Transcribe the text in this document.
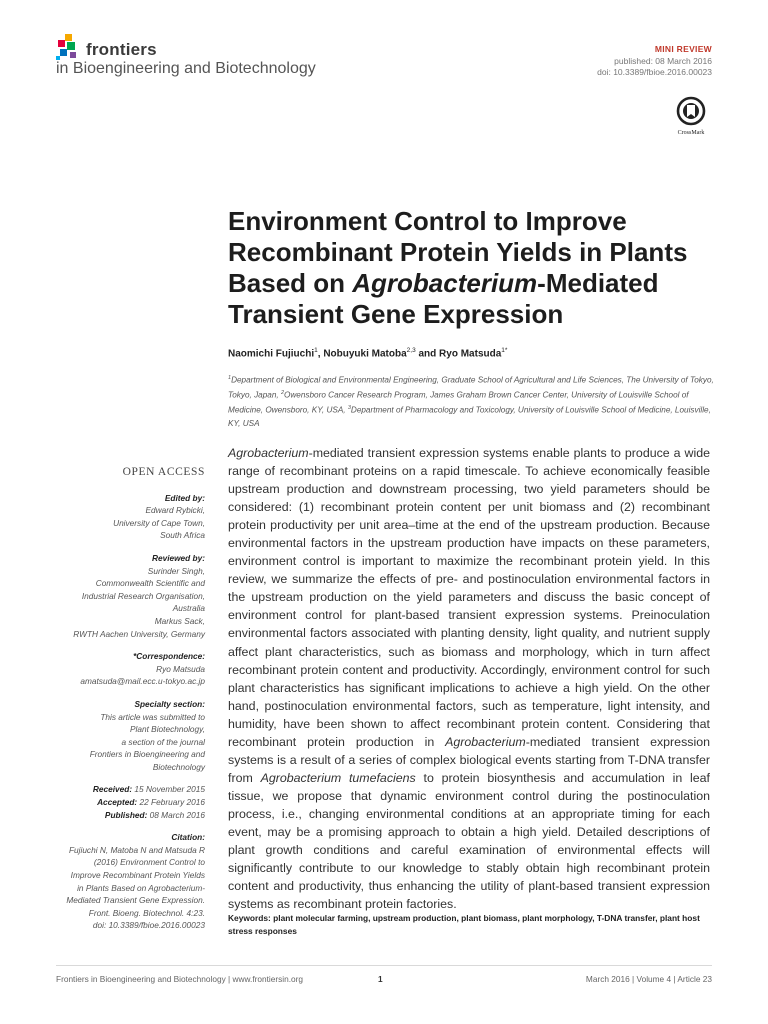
frontiers
in Bioengineering and Biotechnology
MINI REVIEW
published: 08 March 2016
doi: 10.3389/fbioe.2016.00023
CrossMark
Environment Control to Improve Recombinant Protein Yields in Plants Based on Agrobacterium-Mediated Transient Gene Expression
Naomichi Fujiuchi$^1$, Nobuyuki Matoba$^{2,3}$ and Ryo Matsuda$^{1*}$
$^1$Department of Biological and Environmental Engineering, Graduate School of Agricultural and Life Sciences, The University of Tokyo, Tokyo, Japan, $^2$Owensboro Cancer Research Program, James Graham Brown Cancer Center, University of Louisville School of Medicine, Owensboro, KY, USA, $^3$Department of Pharmacology and Toxicology, University of Louisville School of Medicine, Louisville, KY, USA
Agrobacterium-mediated transient expression systems enable plants to produce a wide range of recombinant proteins on a rapid timescale. To achieve economically feasible upstream production and downstream processing, two yield parameters should be considered: (1) recombinant protein content per unit biomass and (2) recombinant protein productivity per unit area–time at the end of the upstream production. Because environmental factors in the upstream production have impacts on these parameters, environment control is important to maximize the recombinant protein yield. In this review, we summarize the effects of pre- and postinoculation environmental factors in the upstream production on the yield parameters and discuss the basic concept of environment control for plant-based transient expression systems. Preinoculation environmental factors associated with planting density, light quality, and nutrient supply affect plant characteristics, such as biomass and morphology, which in turn affect recombinant protein content and productivity. Accordingly, environment control for such plant characteristics has significant implications to achieve a high yield. On the other hand, postinoculation environmental factors, such as temperature, light intensity, and humidity, have been shown to affect recombinant protein content. Considering that recombinant protein production in Agrobacterium-mediated transient expression systems is a result of a series of complex biological events starting from T-DNA transfer from Agrobacterium tumefaciens to protein biosynthesis and accumulation in leaf tissue, we propose that dynamic environment control during the postinoculation process, i.e., changing environmental conditions at an appropriate timing for each event, may be a promising approach to obtain a high yield. Detailed descriptions of plant growth conditions and careful examination of environmental effects will significantly contribute to our knowledge to stably obtain high recombinant protein content and productivity, thus enhancing the utility of plant-based transient expression systems as recombinant protein factories.
Keywords: plant molecular farming, upstream production, plant biomass, plant morphology, T-DNA transfer, plant host stress responses
OPEN ACCESS
Edited by:
Edward Rybicki,
University of Cape Town,
South Africa
Reviewed by:
Surinder Singh,
Commonwealth Scientific and
Industrial Research Organisation,
Australia
Markus Sack,
RWTH Aachen University, Germany
*Correspondence:
Ryo Matsuda
amatsuda@mail.ecc.u-tokyo.ac.jp
Specialty section:
This article was submitted to
Plant Biotechnology,
a section of the journal
Frontiers in Bioengineering and
Biotechnology
Received: 15 November 2015
Accepted: 22 February 2016
Published: 08 March 2016
Citation:
Fujiuchi N, Matoba N and Matsuda R
(2016) Environment Control to
Improve Recombinant Protein Yields
in Plants Based on Agrobacterium-
Mediated Transient Gene Expression.
Front. Bioeng. Biotechnol. 4:23.
doi: 10.3389/fbioe.2016.00023
Frontiers in Bioengineering and Biotechnology | www.frontiersin.org	1	March 2016 | Volume 4 | Article 23
